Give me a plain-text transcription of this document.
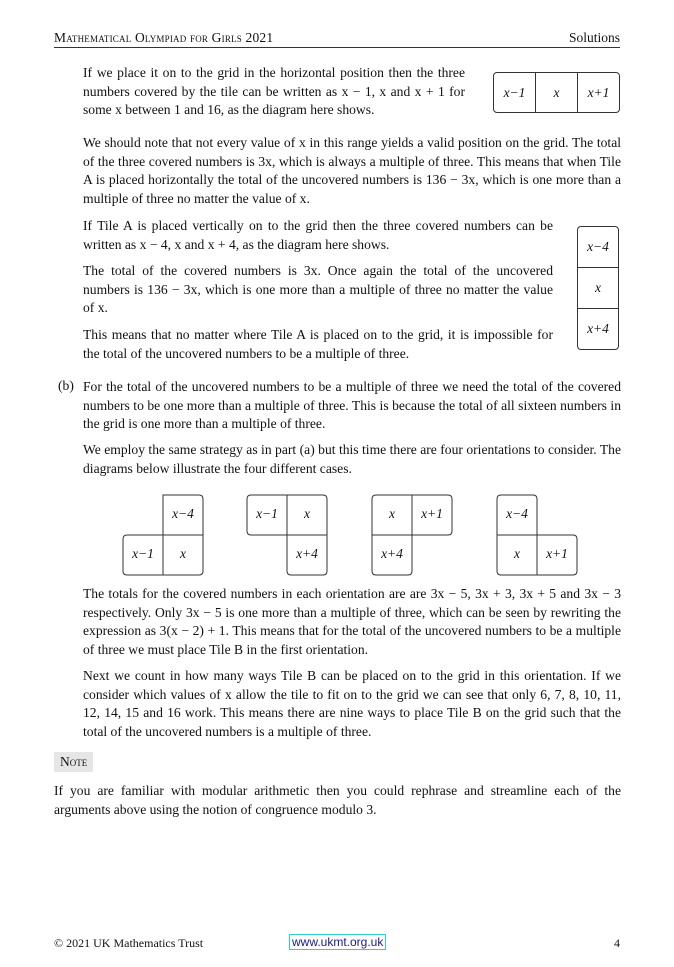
Mathematical Olympiad for Girls 2021	Solutions

If we place it on to the grid in the horizontal position then the three numbers covered by the tile can be written as x − 1, x and x + 1 for some x between 1 and 16, as the diagram here shows.

x−1	x	x+1

We should note that not every value of x in this range yields a valid position on the grid. The total of the three covered numbers is 3x, which is always a multiple of three. This means that when Tile A is placed horizontally the total of the uncovered numbers is 136 − 3x, which is one more than a multiple of three no matter the value of x.

If Tile A is placed vertically on to the grid then the three covered numbers can be written as x − 4, x and x + 4, as the diagram here shows.	x−4
x
x+4

The total of the covered numbers is 3x. Once again the total of the uncovered numbers is 136 − 3x, which is one more than a multiple of three no matter the value of x.

This means that no matter where Tile A is placed on to the grid, it is impossible for the total of the uncovered numbers to be a multiple of three.

(b) For the total of the uncovered numbers to be a multiple of three we need the total of the covered numbers to be one more than a multiple of three. This is because the total of all sixteen numbers in the grid is one more than a multiple of three.

We employ the same strategy as in part (a) but this time there are four orientations to consider. The diagrams below illustrate the four different cases.

x−4
x−1	x
x−1	x
x+4
x	x+1
x+4
x−4
x	x+1

The totals for the covered numbers in each orientation are are 3x − 5, 3x + 3, 3x + 5 and 3x − 3 respectively. Only 3x − 5 is one more than a multiple of three, which can be seen by rewriting the expression as 3(x − 2) + 1. This means that for the total of the uncovered numbers to be a multiple of three we must place Tile B in the first orientation.

Next we count in how many ways Tile B can be placed on to the grid in this orientation. If we consider which values of x allow the tile to fit on to the grid we can see that only 6, 7, 8, 10, 11, 12, 14, 15 and 16 work. This means there are nine ways to place Tile B on the grid such that the total of the uncovered numbers is a multiple of three.

Note

If you are familiar with modular arithmetic then you could rephrase and streamline each of the arguments above using the notion of congruence modulo 3.

© 2021 UK Mathematics Trust	www.ukmt.org.uk	4
